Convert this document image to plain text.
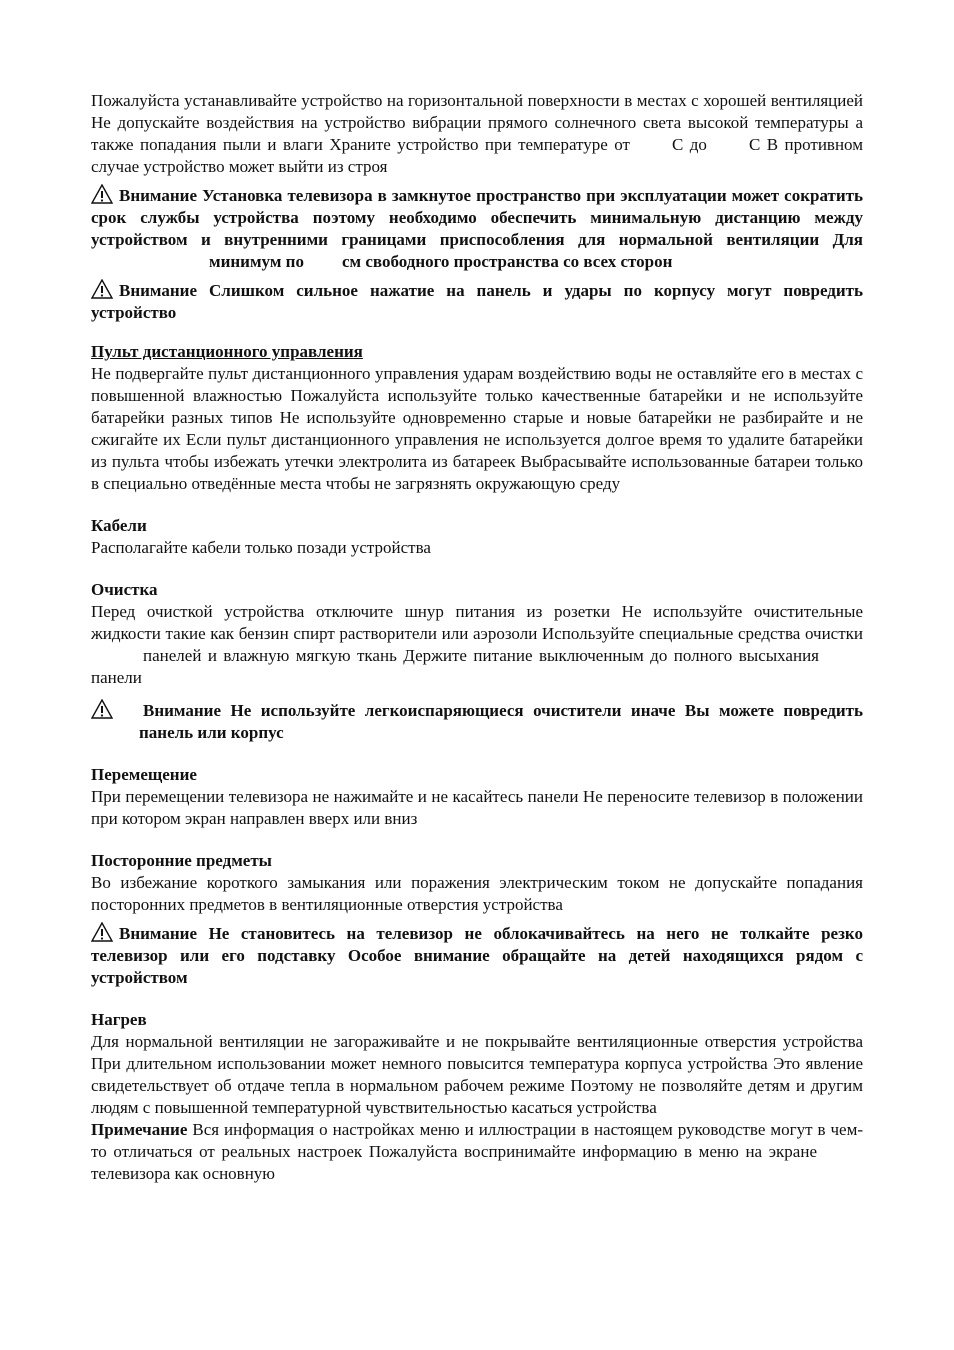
Пожалуйста устанавливайте устройство на горизонтальной поверхности в местах с хорошей вентиляцией Не допускайте воздействия на устройство вибрации прямого солнечного света высокой температуры а также попадания пыли и влаги Храните устройство при температуре от С до С В противном случае устройство может выйти из строя

Внимание Установка телевизора в замкнутое пространство при эксплуатации может сократить срок службы устройства поэтому необходимо обеспечить минимальную дистанцию между устройством и внутренними границами приспособления для нормальной вентиляции Дляминимум по см свободного пространства со всех сторон

Внимание Слишком сильное нажатие на панель и удары по корпусу могут повредить устройство

Пульт дистанционного управления

Не подвергайте пульт дистанционного управления ударам воздействию воды не оставляйте его в местах с повышенной влажностью Пожалуйста используйте только качественные батарейки и не используйте батарейки разных типов Не используйте одновременно старые и новые батарейки не разбирайте и не сжигайте их Если пульт дистанционного управления не используется долгое время то удалите батарейки из пульта чтобы избежать утечки электролита из батареек Выбрасывайте использованные батареи только в специально отведённые места чтобы не загрязнять окружающую среду

Кабели

Располагайте кабели только позади устройства

Очистка

Перед очисткой устройства отключите шнур питания из розетки Не используйте очистительные жидкости такие как бензин спирт растворители или аэрозоли Используйте специальные средства очисткипанелей и влажную мягкую ткань Держите питание выключенным до полного высыханияпанели

Внимание Не используйте легкоиспаряющиеся очистители иначе Вы можете повредитьпанель или корпус

Перемещение

При перемещении телевизора не нажимайте и не касайтесь панели Не переносите телевизор в положении при котором экран направлен вверх или вниз

Посторонние предметы

Во избежание короткого замыкания или поражения электрическим током не допускайте попадания посторонних предметов в вентиляционные отверстия устройства

Внимание Не становитесь на телевизор не облокачивайтесь на него не толкайте резко телевизор или его подставку Особое внимание обращайте на детей находящихся рядом с устройством

Нагрев

Для нормальной вентиляции не загораживайте и не покрывайте вентиляционные отверстия устройства При длительном использовании может немного повысится температура корпуса устройства Это явление свидетельствует об отдаче тепла в нормальном рабочем режиме Поэтому не позволяйте детям и другим людям с повышенной температурной чувствительностью касаться устройства

Примечание Вся информация о настройках меню и иллюстрации в настоящем руководстве могут в чем-то отличаться от реальных настроек Пожалуйста воспринимайте информацию в меню на экранетелевизора как основную
